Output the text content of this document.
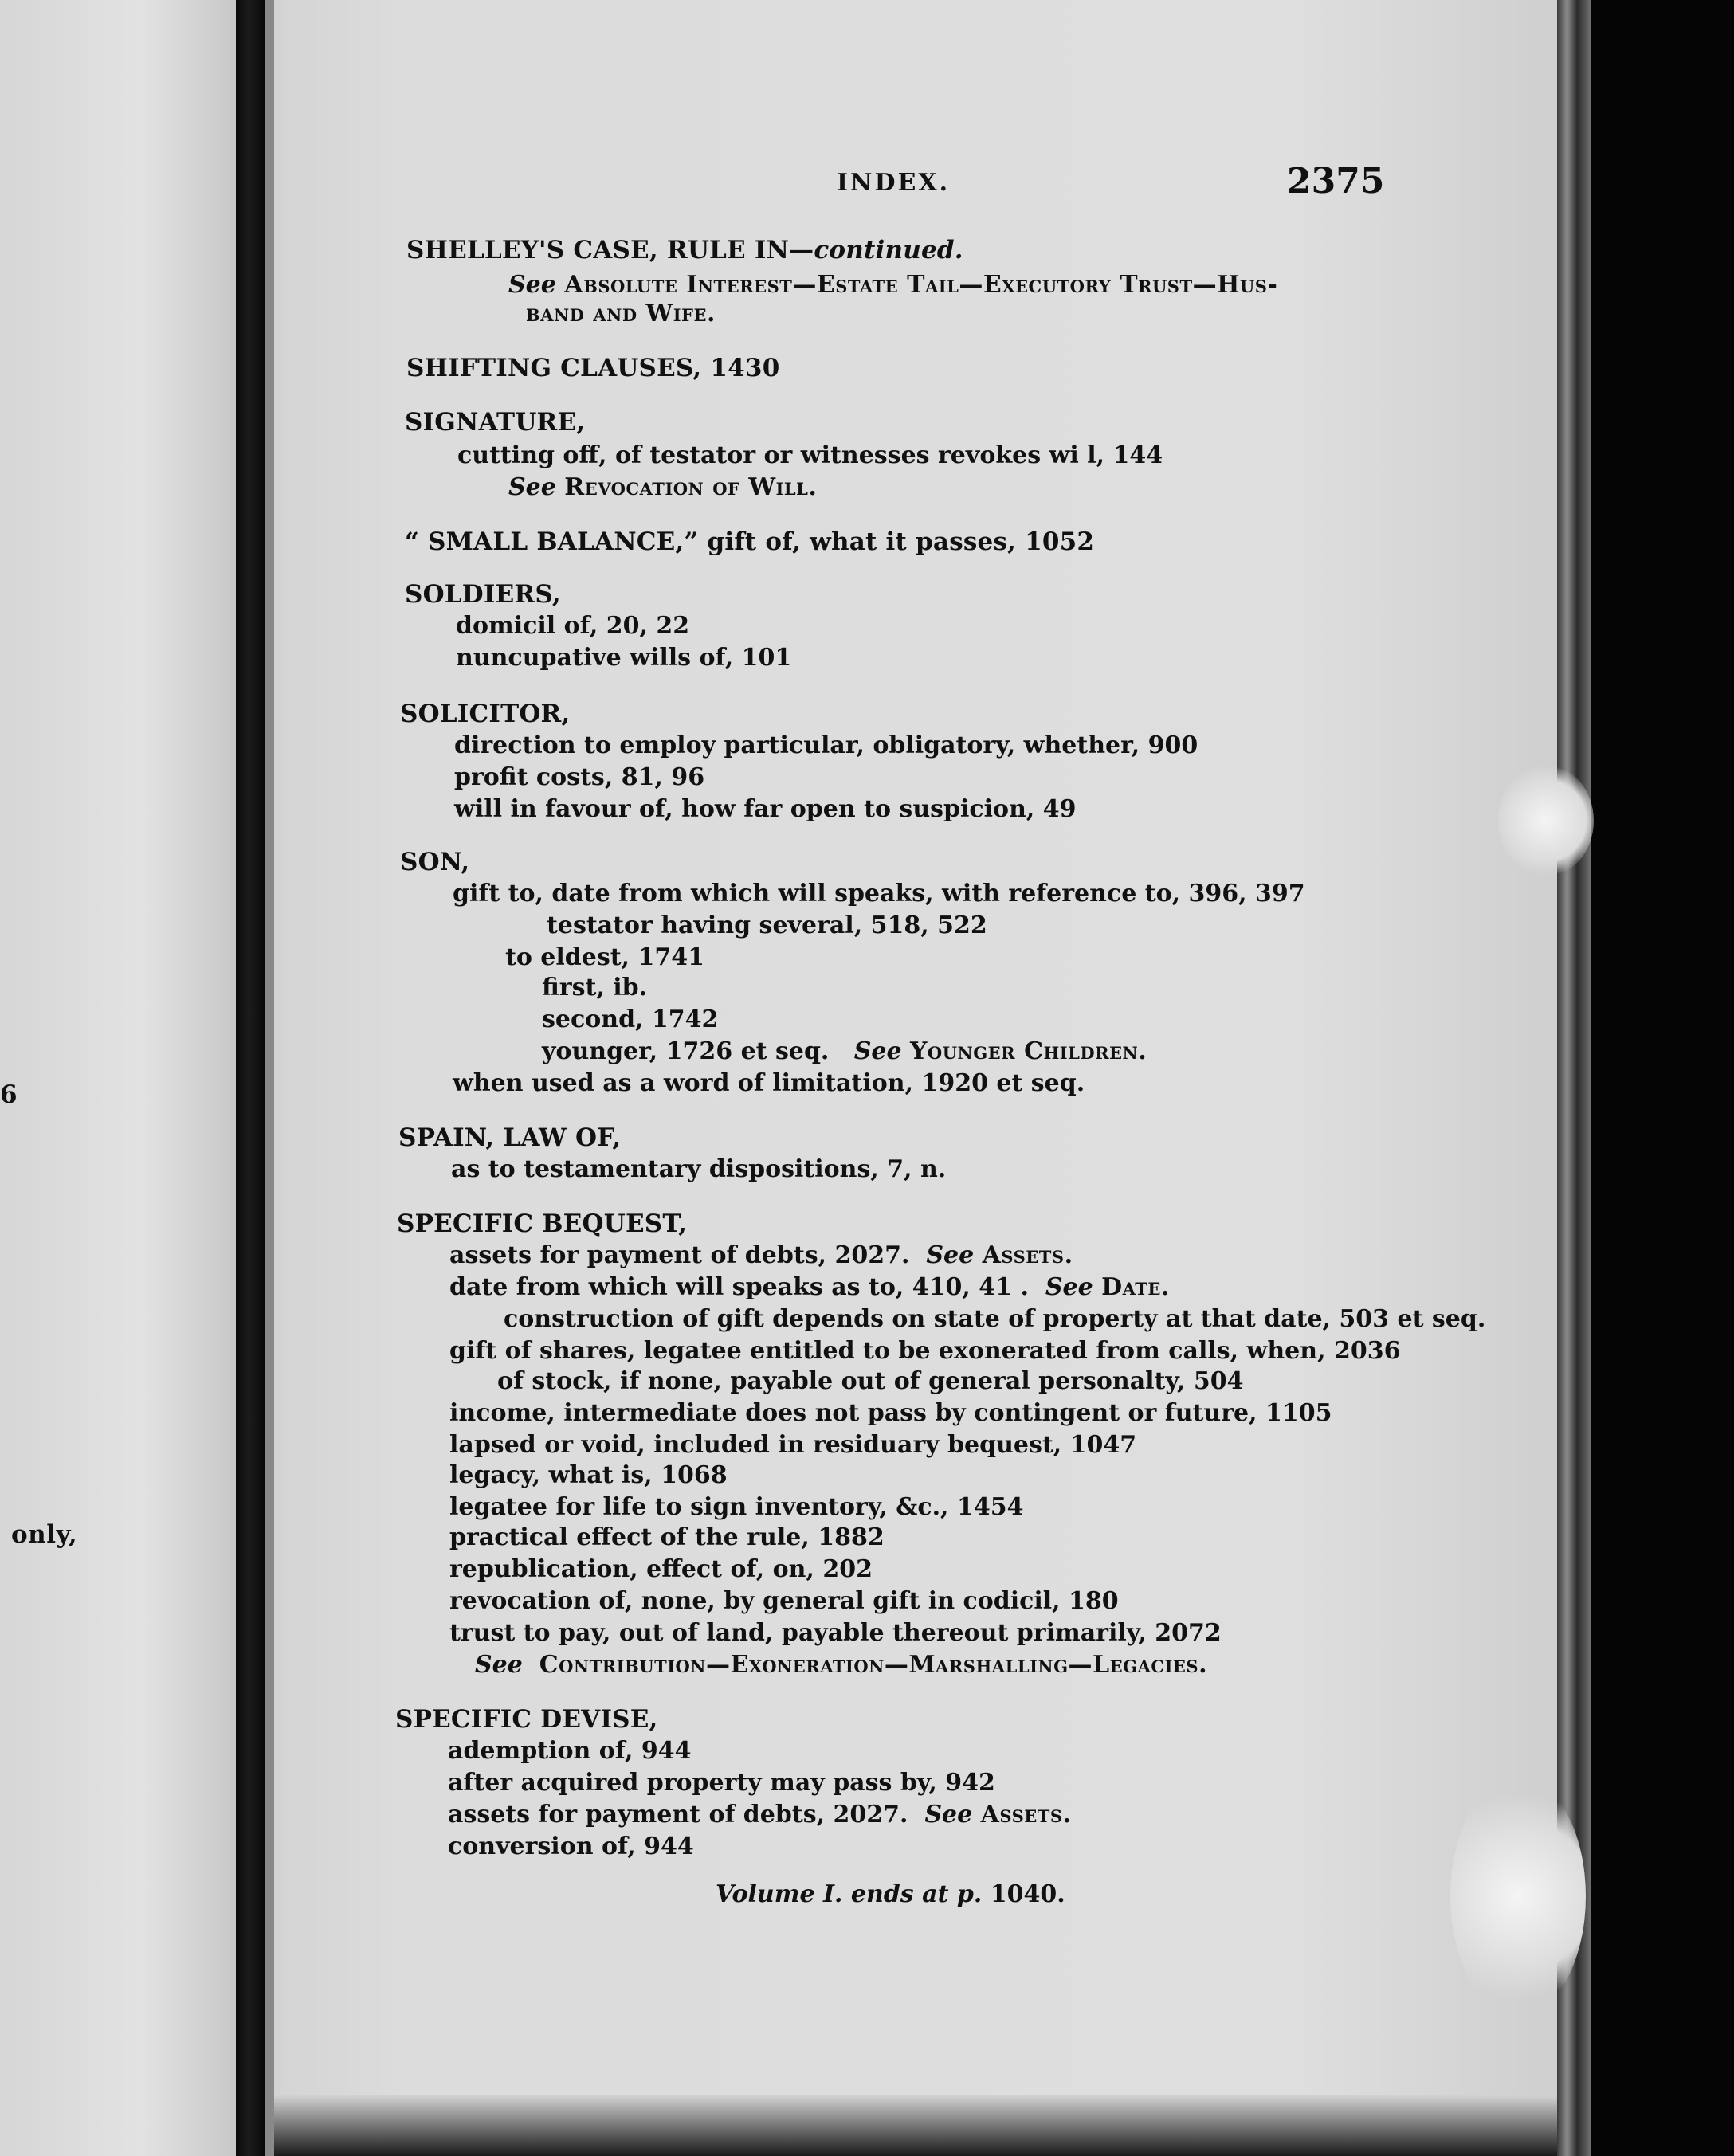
6
only,
INDEX.	2375
SHELLEY'S CASE, RULE IN—continued.
See Absolute Interest—Estate Tail—Executory Trust—Hus-
band and Wife.
SHIFTING CLAUSES, 1430
SIGNATURE,
cutting off, of testator or witnesses revokes wi l, 144
See Revocation of Will.
“ SMALL BALANCE,” gift of, what it passes, 1052
SOLDIERS,
domicil of, 20, 22
nuncupative wills of, 101
SOLICITOR,
direction to employ particular, obligatory, whether, 900
profit costs, 81, 96
will in favour of, how far open to suspicion, 49
SON,
gift to, date from which will speaks, with reference to, 396, 397
testator having several, 518, 522
to eldest, 1741
first, ib.
second, 1742
younger, 1726 et seq. See Younger Children.
when used as a word of limitation, 1920 et seq.
SPAIN, LAW OF,
as to testamentary dispositions, 7, n.
SPECIFIC BEQUEST,
assets for payment of debts, 2027. See Assets.
date from which will speaks as to, 410, 41 . See Date.
construction of gift depends on state of property at that date, 503 et seq.
gift of shares, legatee entitled to be exonerated from calls, when, 2036
of stock, if none, payable out of general personalty, 504
income, intermediate does not pass by contingent or future, 1105
lapsed or void, included in residuary bequest, 1047
legacy, what is, 1068
legatee for life to sign inventory, &c., 1454
practical effect of the rule, 1882
republication, effect of, on, 202
revocation of, none, by general gift in codicil, 180
trust to pay, out of land, payable thereout primarily, 2072
See Contribution—Exoneration—Marshalling—Legacies.
SPECIFIC DEVISE,
ademption of, 944
after acquired property may pass by, 942
assets for payment of debts, 2027. See Assets.
conversion of, 944
Volume I. ends at p. 1040.
